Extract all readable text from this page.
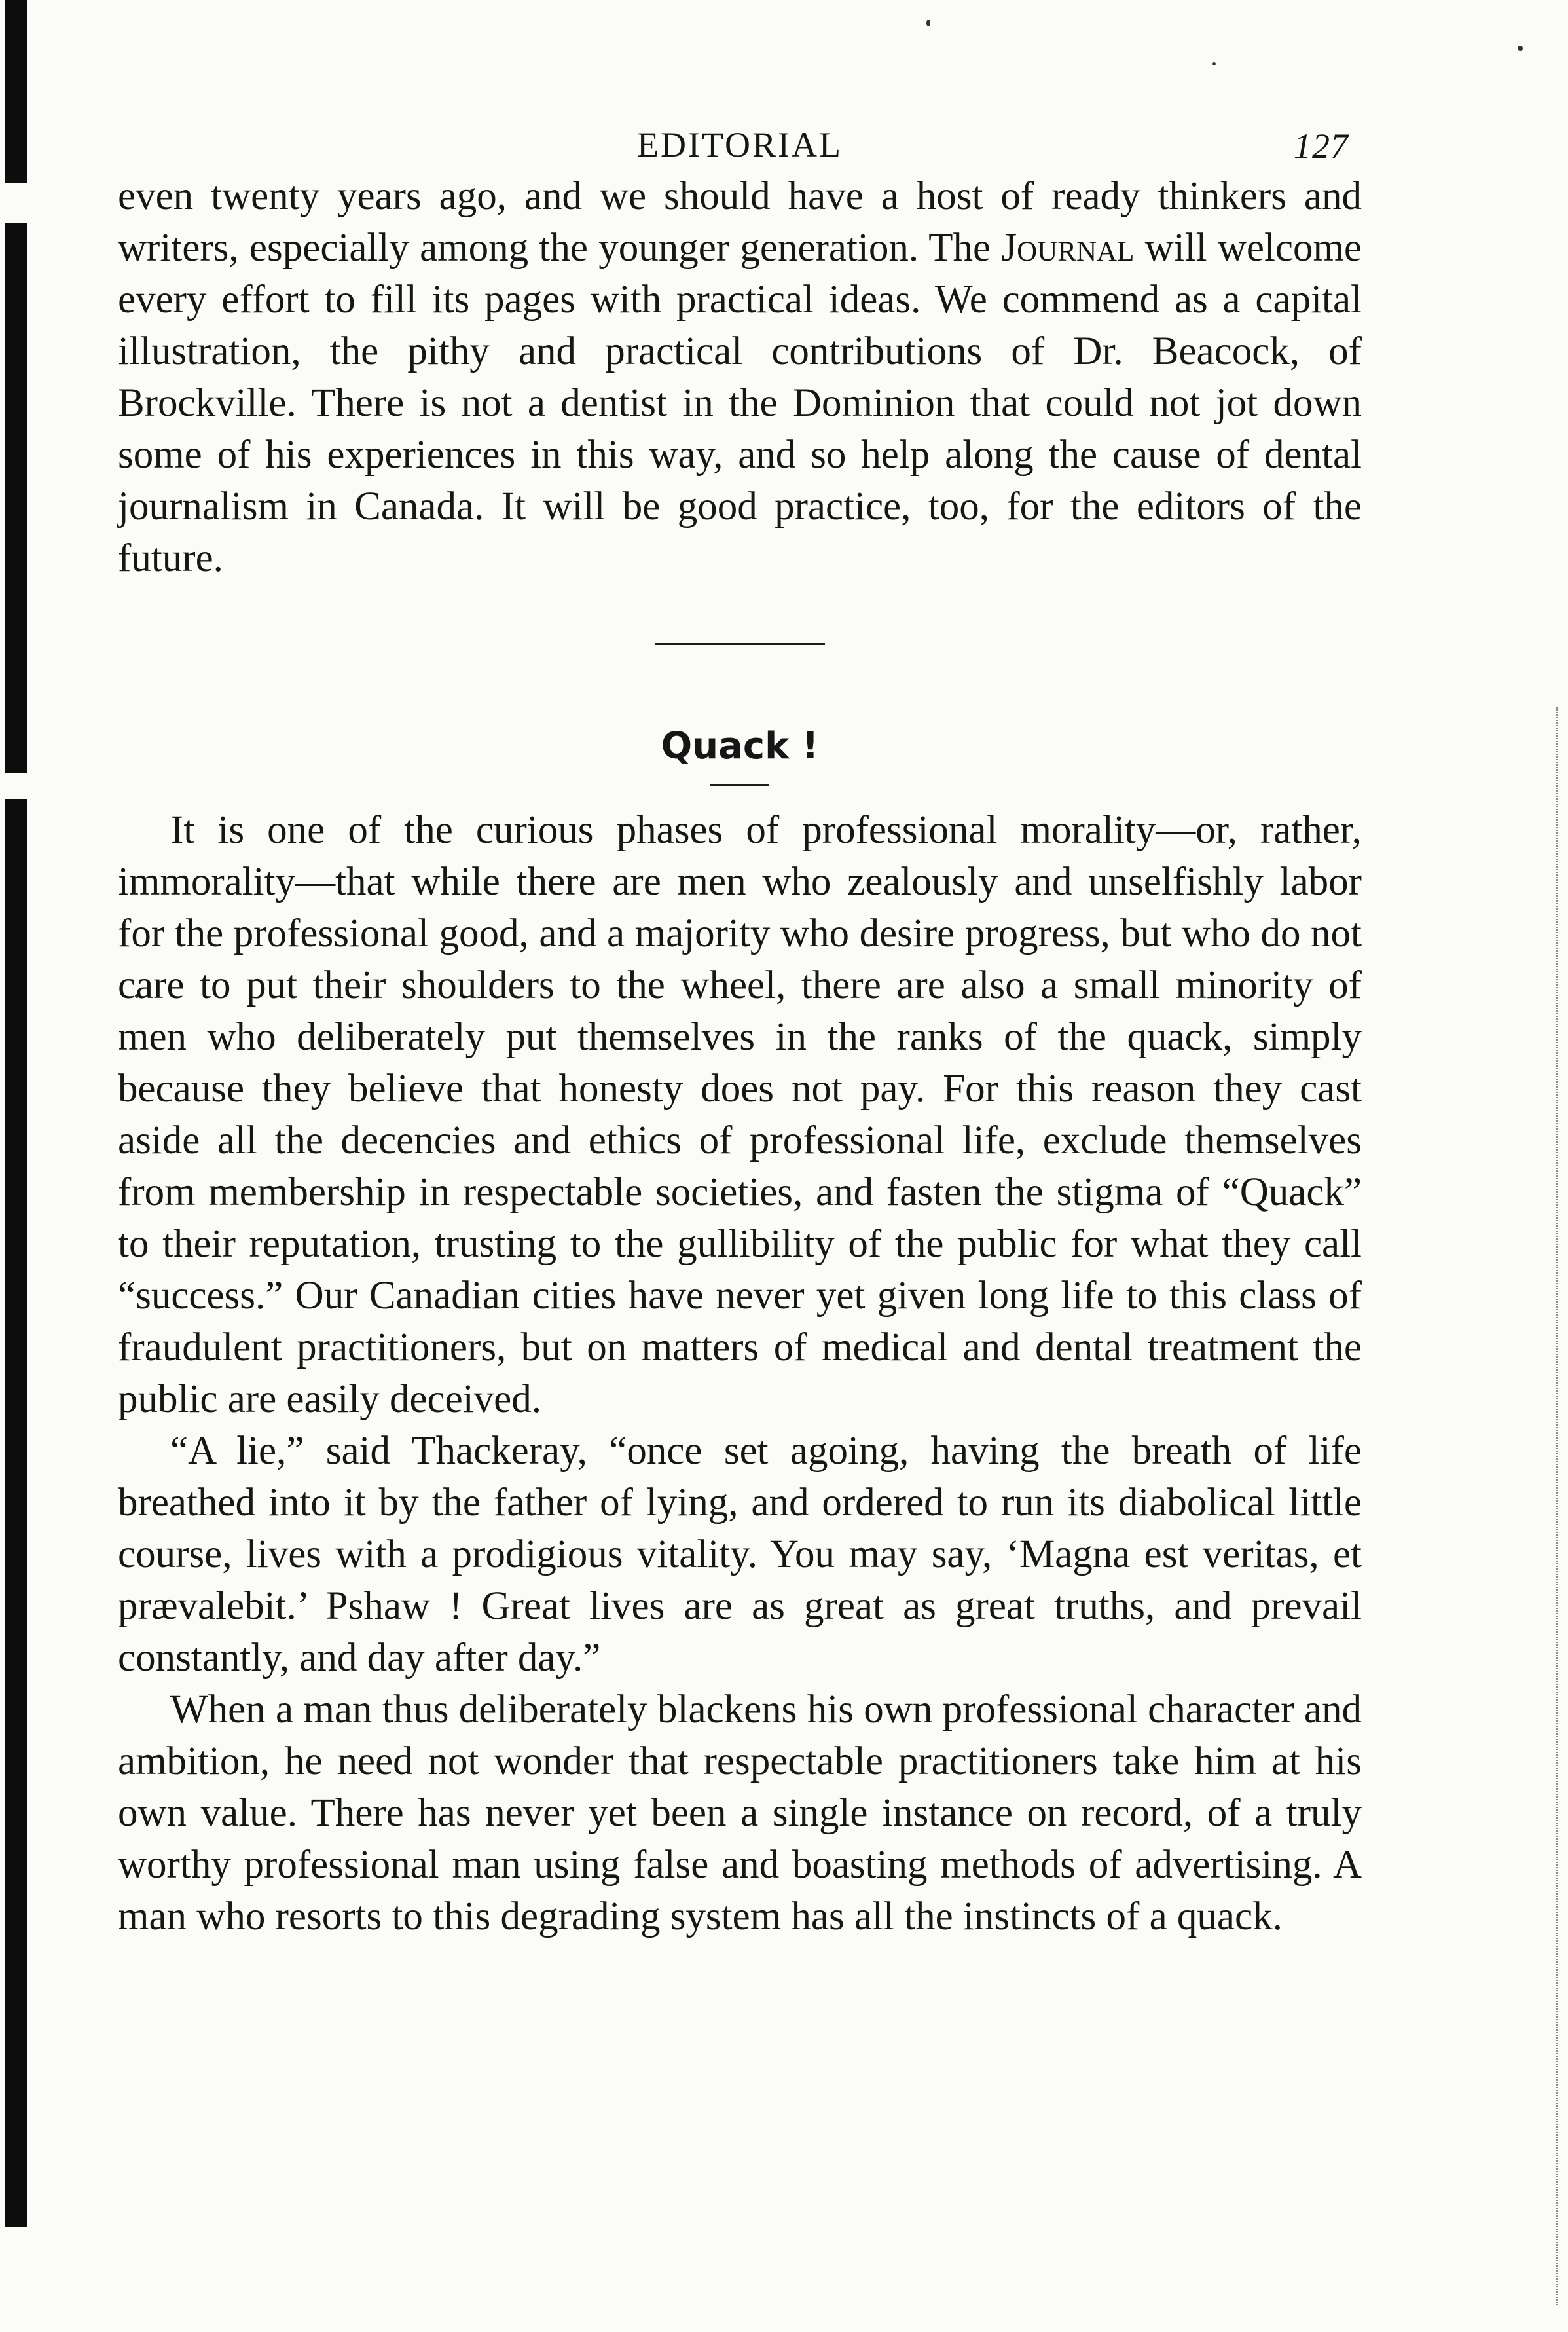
EDITORIAL	127

even twenty years ago, and we should have a host of ready thinkers and writers, especially among the younger generation. The Journal will welcome every effort to fill its pages with practical ideas. We commend as a capital illustration, the pithy and practical contributions of Dr. Beacock, of Brockville. There is not a dentist in the Dominion that could not jot down some of his experiences in this way, and so help along the cause of dental journalism in Canada. It will be good practice, too, for the editors of the future.

Quack !

It is one of the curious phases of professional morality—or, rather, immorality—that while there are men who zealously and unselfishly labor for the professional good, and a majority who desire progress, but who do not care to put their shoulders to the wheel, there are also a small minority of men who deliberately put themselves in the ranks of the quack, simply because they believe that honesty does not pay. For this reason they cast aside all the decencies and ethics of professional life, exclude themselves from membership in respectable societies, and fasten the stigma of “Quack” to their reputation, trusting to the gullibility of the public for what they call “success.” Our Canadian cities have never yet given long life to this class of fraudulent practitioners, but on matters of medical and dental treatment the public are easily deceived.

“A lie,” said Thackeray, “once set agoing, having the breath of life breathed into it by the father of lying, and ordered to run its diabolical little course, lives with a prodigious vitality. You may say, ‘Magna est veritas, et prævalebit.’ Pshaw ! Great lives are as great as great truths, and prevail constantly, and day after day.”

When a man thus deliberately blackens his own professional character and ambition, he need not wonder that respectable practitioners take him at his own value. There has never yet been a single instance on record, of a truly worthy professional man using false and boasting methods of advertising. A man who resorts to this degrading system has all the instincts of a quack.
